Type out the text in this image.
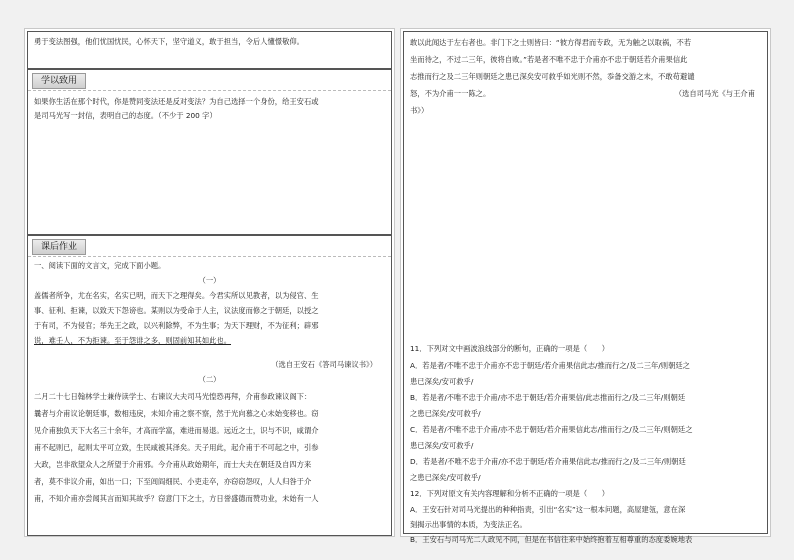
勇于变法图强，他们忧国忧民，心怀天下，坚守道义，敢于担当，令后人懂憬敬仰。
学以致用
如果你生活在那个时代，你是赞同变法还是反对变法？为自己选择一个身份，给王安石或
是司马光写一封信，表明自己的态度。（不少于 200 字）
课后作业
一、阅读下面的文言文，完成下面小题。
（一）
盖儒者所争，尤在名实，名实已明，而天下之理得矣。今君实所以见教者，以为侵官、生
事、征利、拒谏，以致天下怨谤也。某则以为受命于人主，议法度而修之于朝廷，以授之
于有司，不为侵官；举先王之政，以兴利除弊，不为生事；为天下理财，不为征利；辟邪
说，难壬人，不为拒谏。至于怨诽之多，则固前知其如此也。
（选自王安石《答司马谏议书》）
（二）
二月二十七日翰林学士兼侍读学士、右谏议大夫司马光惶恐再拜，介甫参政谏议阁下：
曩者与介甫议论朝廷事，数相违戾，未知介甫之察不察，然于光向慕之心未始变移也。窃
见介甫独负天下大名三十余年，才高而学富，难进而易退。远近之士，识与不识，咸谓介
甫不起则已，起则太平可立致，生民咸被其泽矣。天子用此，起介甫于不可起之中，引参
大政，岂非欲望众人之所望于介甫邪。今介甫从政始期年，而士大夫在朝廷及自四方来
者，莫不非议介甫，如出一口；下至闾阎细民、小吏走卒，亦窃窃怨叹，人人归咎于介
甫，不知介甫亦尝闻其言而知其故乎？窃意门下之士，方日誉盛德而赞功业，未始有一人
敢以此闻达于左右者也。非门下之士则皆曰：“彼方得君而专政，无为触之以取祸，不若
坐而待之，不过二三年，彼将自败。”若是者不唯不忠于介甫亦不忠于朝廷若介甫果信此
志推而行之及二三年则朝廷之患已深矣安可救乎如光则不然，忝备交游之末，不敢苟避谴
怒，不为介甫一一陈之。	（选自司马光《与王介甫
书》）
11．下列对文中画波浪线部分的断句，正确的一项是（　　）
A．若是者/不唯不忠于介甫亦不忠于朝廷/若介甫果信此志/推而行之/及二三年/则朝廷之
患已深矣/安可救乎/
B．若是者/不唯不忠于介甫/亦不忠于朝廷/若介甫果信/此志推而行之/及二三年/则朝廷
之患已深矣/安可救乎/
C．若是者/不唯不忠于介甫/亦不忠于朝廷/若介甫果信此志/推而行之/及二三年/则朝廷之
患已深矣/安可救乎/
D．若是者/不唯不忠于介甫/亦不忠于朝廷/若介甫果信此志/推而行之/及二三年/则朝廷
之患已深矣/安可救乎/
12．下列对原文有关内容理解和分析不正确的一项是（　　）
A．王安石针对司马光提出的种种指责，引出“名实”这一根本问题，高屋建瓴，意在深
刻揭示出事情的本质，为变法正名。
B．王安石与司马光二人政见不同，但是在书信往来中始终抱着互相尊重的态度委婉地表
